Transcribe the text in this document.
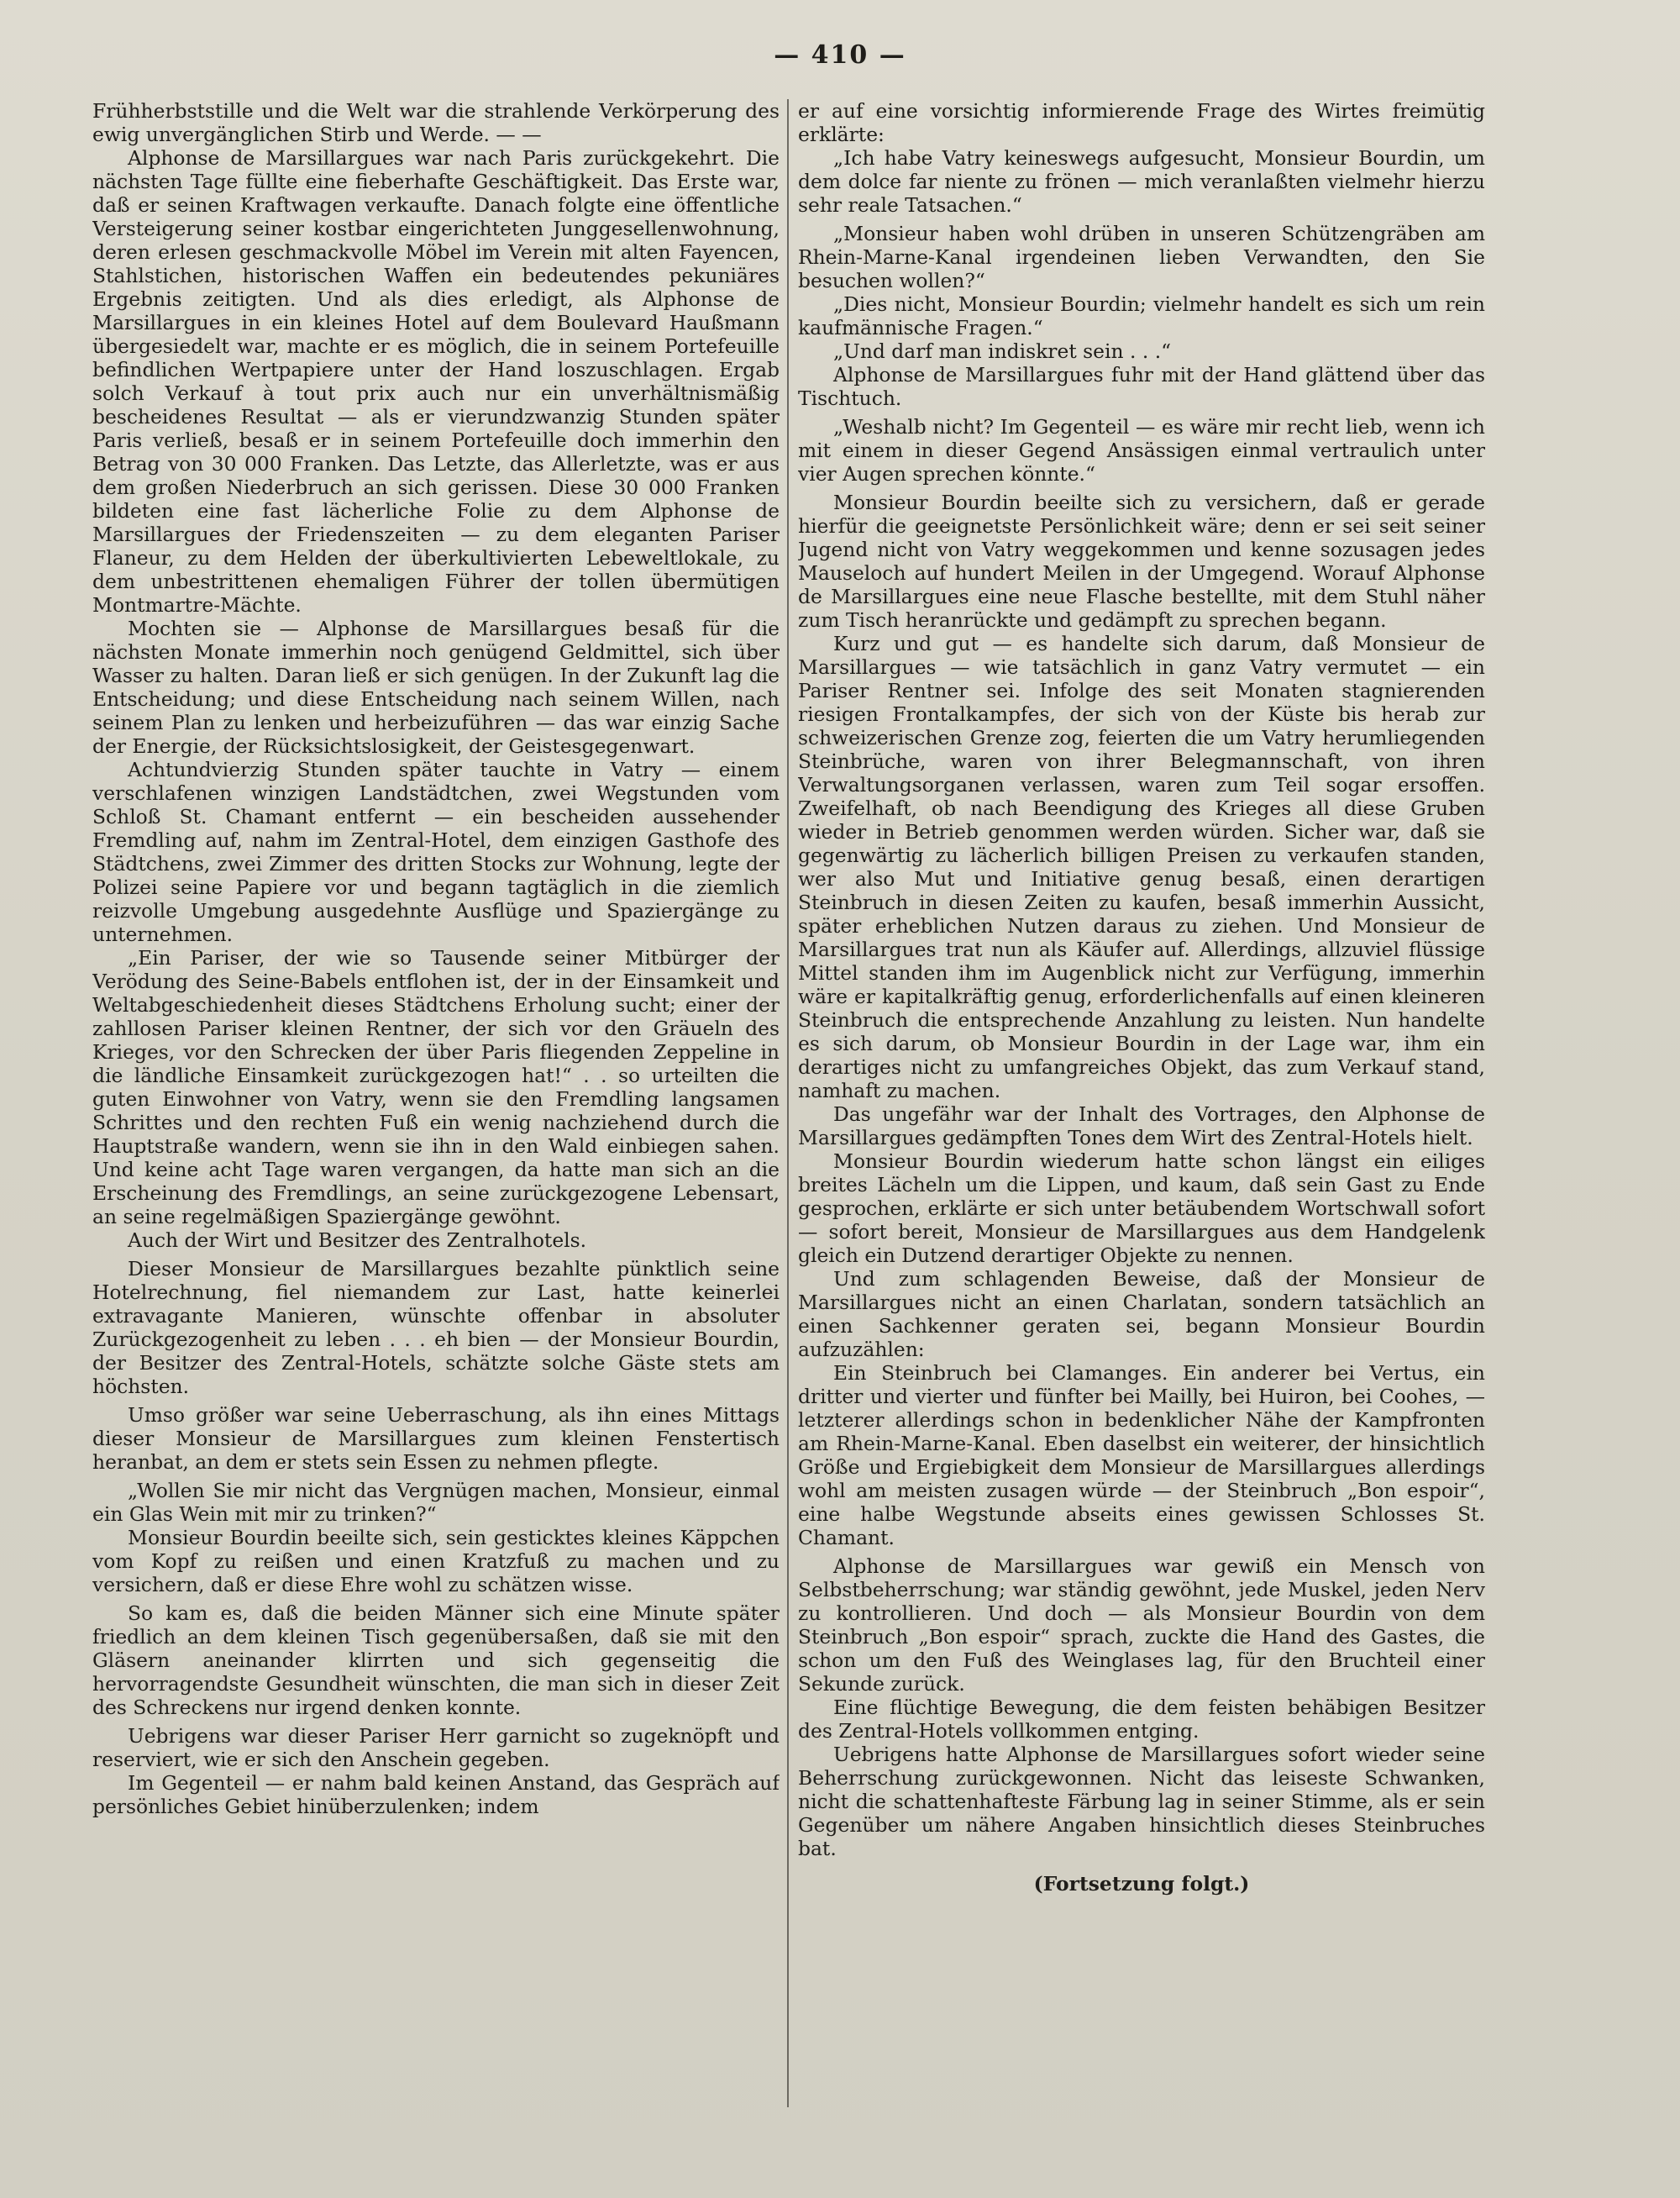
— 410 —

Frühherbststille und die Welt war die strahlende Verkörperung des ewig unvergänglichen Stirb und Werde. — —

Alphonse de Marsillargues war nach Paris zurückgekehrt. Die nächsten Tage füllte eine fieberhafte Geschäftigkeit. Das Erste war, daß er seinen Kraftwagen verkaufte. Danach folgte eine öffentliche Versteigerung seiner kostbar eingerichteten Junggesellenwohnung, deren erlesen geschmackvolle Möbel im Verein mit alten Fayencen, Stahlstichen, historischen Waffen ein bedeutendes pekuniäres Ergebnis zeitigten. Und als dies erledigt, als Alphonse de Marsillargues in ein kleines Hotel auf dem Boulevard Haußmann übergesiedelt war, machte er es möglich, die in seinem Portefeuille befindlichen Wertpapiere unter der Hand loszuschlagen. Ergab solch Verkauf à tout prix auch nur ein unverhältnismäßig bescheidenes Resultat — als er vierundzwanzig Stunden später Paris verließ, besaß er in seinem Portefeuille doch immerhin den Betrag von 30 000 Franken. Das Letzte, das Allerletzte, was er aus dem großen Niederbruch an sich gerissen. Diese 30 000 Franken bildeten eine fast lächerliche Folie zu dem Alphonse de Marsillargues der Friedenszeiten — zu dem eleganten Pariser Flaneur, zu dem Helden der überkultivierten Lebeweltlokale, zu dem unbestrittenen ehemaligen Führer der tollen übermütigen Montmartre-Mächte.

Mochten sie — Alphonse de Marsillargues besaß für die nächsten Monate immerhin noch genügend Geldmittel, sich über Wasser zu halten. Daran ließ er sich genügen. In der Zukunft lag die Entscheidung; und diese Entscheidung nach seinem Willen, nach seinem Plan zu lenken und herbeizuführen — das war einzig Sache der Energie, der Rücksichtslosigkeit, der Geistesgegenwart.

Achtundvierzig Stunden später tauchte in Vatry — einem verschlafenen winzigen Landstädtchen, zwei Wegstunden vom Schloß St. Chamant entfernt — ein bescheiden aussehender Fremdling auf, nahm im Zentral-Hotel, dem einzigen Gasthofe des Städtchens, zwei Zimmer des dritten Stocks zur Wohnung, legte der Polizei seine Papiere vor und begann tagtäglich in die ziemlich reizvolle Umgebung ausgedehnte Ausflüge und Spaziergänge zu unternehmen.

„Ein Pariser, der wie so Tausende seiner Mitbürger der Verödung des Seine-Babels entflohen ist, der in der Einsamkeit und Weltabgeschiedenheit dieses Städtchens Erholung sucht; einer der zahllosen Pariser kleinen Rentner, der sich vor den Gräueln des Krieges, vor den Schrecken der über Paris fliegenden Zeppeline in die ländliche Einsamkeit zurückgezogen hat!“ . . so urteilten die guten Einwohner von Vatry, wenn sie den Fremdling langsamen Schrittes und den rechten Fuß ein wenig nachziehend durch die Hauptstraße wandern, wenn sie ihn in den Wald einbiegen sahen. Und keine acht Tage waren vergangen, da hatte man sich an die Erscheinung des Fremdlings, an seine zurückgezogene Lebensart, an seine regelmäßigen Spaziergänge gewöhnt.

Auch der Wirt und Besitzer des Zentralhotels.

Dieser Monsieur de Marsillargues bezahlte pünktlich seine Hotelrechnung, fiel niemandem zur Last, hatte keinerlei extravagante Manieren, wünschte offenbar in absoluter Zurückgezogenheit zu leben . . . eh bien — der Monsieur Bourdin, der Besitzer des Zentral-Hotels, schätzte solche Gäste stets am höchsten.

Umso größer war seine Ueberraschung, als ihn eines Mittags dieser Monsieur de Marsillargues zum kleinen Fenstertisch heranbat, an dem er stets sein Essen zu nehmen pflegte.

„Wollen Sie mir nicht das Vergnügen machen, Monsieur, einmal ein Glas Wein mit mir zu trinken?“

Monsieur Bourdin beeilte sich, sein gesticktes kleines Käppchen vom Kopf zu reißen und einen Kratzfuß zu machen und zu versichern, daß er diese Ehre wohl zu schätzen wisse.

So kam es, daß die beiden Männer sich eine Minute später friedlich an dem kleinen Tisch gegenübersaßen, daß sie mit den Gläsern aneinander klirrten und sich gegenseitig die hervorragendste Gesundheit wünschten, die man sich in dieser Zeit des Schreckens nur irgend denken konnte.

Uebrigens war dieser Pariser Herr garnicht so zugeknöpft und reserviert, wie er sich den Anschein gegeben.

Im Gegenteil — er nahm bald keinen Anstand, das Gespräch auf persönliches Gebiet hinüberzulenken; indem

er auf eine vorsichtig informierende Frage des Wirtes freimütig erklärte:

„Ich habe Vatry keineswegs aufgesucht, Monsieur Bourdin, um dem dolce far niente zu frönen — mich veranlaßten vielmehr hierzu sehr reale Tatsachen.“

„Monsieur haben wohl drüben in unseren Schützengräben am Rhein-Marne-Kanal irgendeinen lieben Verwandten, den Sie besuchen wollen?“

„Dies nicht, Monsieur Bourdin; vielmehr handelt es sich um rein kaufmännische Fragen.“

„Und darf man indiskret sein . . .“

Alphonse de Marsillargues fuhr mit der Hand glättend über das Tischtuch.

„Weshalb nicht? Im Gegenteil — es wäre mir recht lieb, wenn ich mit einem in dieser Gegend Ansässigen einmal vertraulich unter vier Augen sprechen könnte.“

Monsieur Bourdin beeilte sich zu versichern, daß er gerade hierfür die geeignetste Persönlichkeit wäre; denn er sei seit seiner Jugend nicht von Vatry weggekommen und kenne sozusagen jedes Mauseloch auf hundert Meilen in der Umgegend. Worauf Alphonse de Marsillargues eine neue Flasche bestellte, mit dem Stuhl näher zum Tisch heranrückte und gedämpft zu sprechen begann.

Kurz und gut — es handelte sich darum, daß Monsieur de Marsillargues — wie tatsächlich in ganz Vatry vermutet — ein Pariser Rentner sei. Infolge des seit Monaten stagnierenden riesigen Frontalkampfes, der sich von der Küste bis herab zur schweizerischen Grenze zog, feierten die um Vatry herumliegenden Steinbrüche, waren von ihrer Belegmannschaft, von ihren Verwaltungsorganen verlassen, waren zum Teil sogar ersoffen. Zweifelhaft, ob nach Beendigung des Krieges all diese Gruben wieder in Betrieb genommen werden würden. Sicher war, daß sie gegenwärtig zu lächerlich billigen Preisen zu verkaufen standen, wer also Mut und Initiative genug besaß, einen derartigen Steinbruch in diesen Zeiten zu kaufen, besaß immerhin Aussicht, später erheblichen Nutzen daraus zu ziehen. Und Monsieur de Marsillargues trat nun als Käufer auf. Allerdings, allzuviel flüssige Mittel standen ihm im Augenblick nicht zur Verfügung, immerhin wäre er kapitalkräftig genug, erforderlichenfalls auf einen kleineren Steinbruch die entsprechende Anzahlung zu leisten. Nun handelte es sich darum, ob Monsieur Bourdin in der Lage war, ihm ein derartiges nicht zu umfangreiches Objekt, das zum Verkauf stand, namhaft zu machen.

Das ungefähr war der Inhalt des Vortrages, den Alphonse de Marsillargues gedämpften Tones dem Wirt des Zentral-Hotels hielt.

Monsieur Bourdin wiederum hatte schon längst ein eiliges breites Lächeln um die Lippen, und kaum, daß sein Gast zu Ende gesprochen, erklärte er sich unter betäubendem Wortschwall sofort — sofort bereit, Monsieur de Marsillargues aus dem Handgelenk gleich ein Dutzend derartiger Objekte zu nennen.

Und zum schlagenden Beweise, daß der Monsieur de Marsillargues nicht an einen Charlatan, sondern tatsächlich an einen Sachkenner geraten sei, begann Monsieur Bourdin aufzuzählen:

Ein Steinbruch bei Clamanges. Ein anderer bei Vertus, ein dritter und vierter und fünfter bei Mailly, bei Huiron, bei Coohes, — letzterer allerdings schon in bedenklicher Nähe der Kampfronten am Rhein-Marne-Kanal. Eben daselbst ein weiterer, der hinsichtlich Größe und Ergiebigkeit dem Monsieur de Marsillargues allerdings wohl am meisten zusagen würde — der Steinbruch „Bon espoir“, eine halbe Wegstunde abseits eines gewissen Schlosses St. Chamant.

Alphonse de Marsillargues war gewiß ein Mensch von Selbstbeherrschung; war ständig gewöhnt, jede Muskel, jeden Nerv zu kontrollieren. Und doch — als Monsieur Bourdin von dem Steinbruch „Bon espoir“ sprach, zuckte die Hand des Gastes, die schon um den Fuß des Weinglases lag, für den Bruchteil einer Sekunde zurück.

Eine flüchtige Bewegung, die dem feisten behäbigen Besitzer des Zentral-Hotels vollkommen entging.

Uebrigens hatte Alphonse de Marsillargues sofort wieder seine Beherrschung zurückgewonnen. Nicht das leiseste Schwanken, nicht die schattenhafteste Färbung lag in seiner Stimme, als er sein Gegenüber um nähere Angaben hinsichtlich dieses Steinbruches bat.

(Fortsetzung folgt.)
